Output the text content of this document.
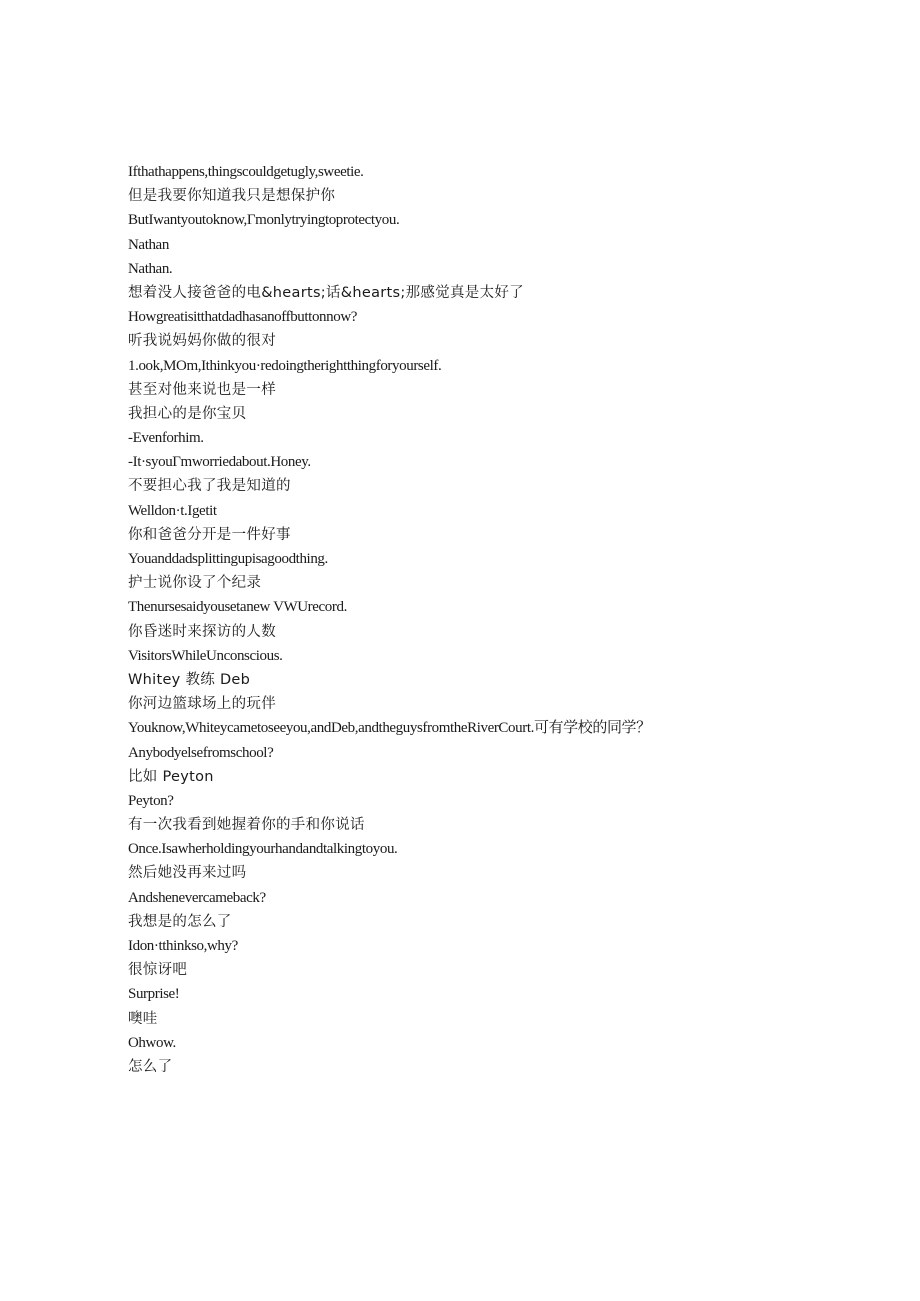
Ifthathappens,thingscouldgetugly,sweetie.
但是我要你知道我只是想保护你
ButIwantyoutoknow,Γmonlytryingtoprotectyou.
Nathan
Nathan.
想着没人接爸爸的电&hearts;话&hearts;那感觉真是太好了
Howgreatisitthatdadhasanoffbuttonnow?
听我说妈妈你做的很对
1.ook,MOm,Ithinkyou·redoingtherightthingforyourself.
甚至对他来说也是一样
我担心的是你宝贝
-Evenforhim.
-It·syouΓmworriedabout.Honey.
不要担心我了我是知道的
Welldon·t.Igetit
你和爸爸分开是一件好事
Youanddadsplittingupisagoodthing.
护士说你设了个纪录
Thenursesaidyousetanew VWUrecord.
你昏迷时来探访的人数
VisitorsWhileUnconscious.
Whitey 教练 Deb
你河边篮球场上的玩伴
Youknow,Whiteycametoseeyou,andDeb,andtheguysfromtheRiverCourt.可有学校的同学？
Anybodyelsefromschool?
比如 Peyton
Peyton?
有一次我看到她握着你的手和你说话
Once.Isawherholdingyourhandandtalkingtoyou.
然后她没再来过吗
Andshenevercameback?
我想是的怎么了
Idon·tthinkso,why?
很惊讶吧
Surprise!
噢哇
Ohwow.
怎么了
